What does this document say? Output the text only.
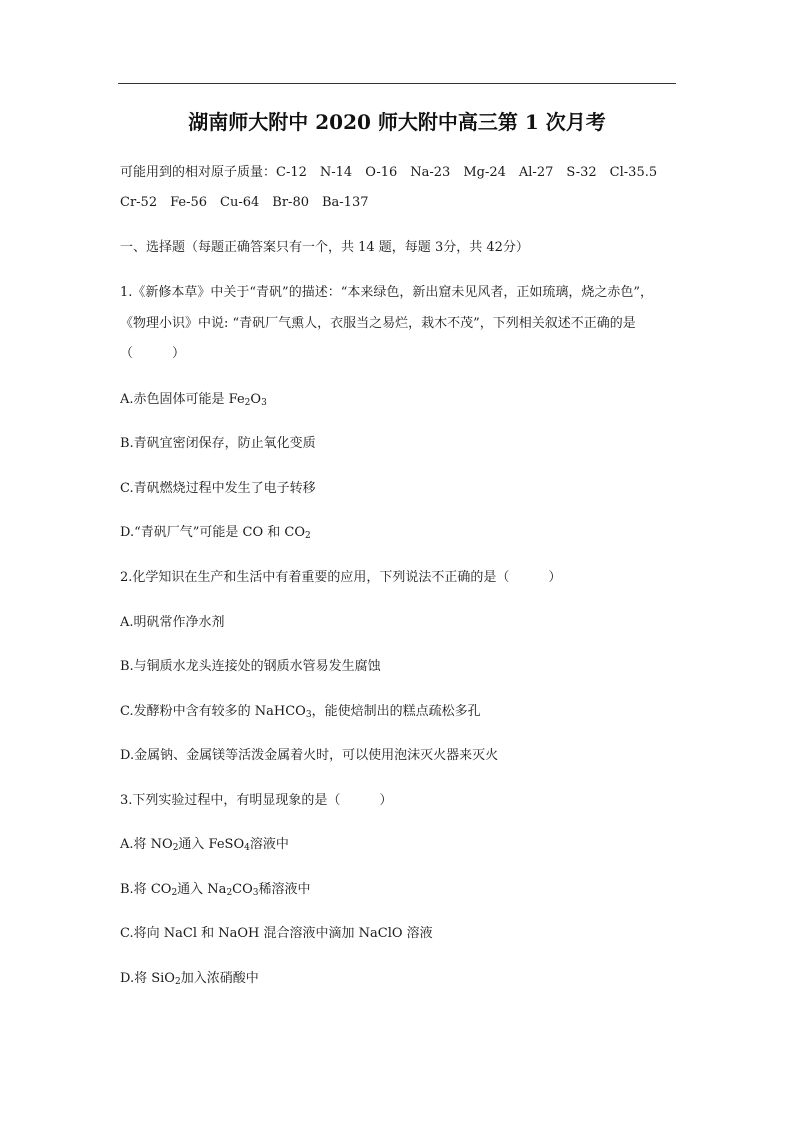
湖南师大附中 2020 师大附中高三第 1 次月考
可能用到的相对原子质量：C-12　N-14　O-16　Na-23　Mg-24　Al-27　S-32　Cl-35.5
Cr-52　Fe-56　Cu-64　Br-80　Ba-137
一、选择题（每题正确答案只有一个，共 14 题，每题 3分，共 42分）
1.《新修本草》中关于“青矾”的描述：“本来绿色，新出窟未见风者，正如琉璃，烧之赤色”，
《物理小识》中说: “青矾厂气熏人，衣服当之易烂，栽木不茂”，下列相关叙述不正确的是
（　　　）
A.赤色固体可能是 $Fe_2O_3$
B.青矾宜密闭保存，防止氧化变质
C.青矾燃烧过程中发生了电子转移
D.“青矾厂气”可能是 CO 和 $CO_2$
2.化学知识在生产和生活中有着重要的应用，下列说法不正确的是（　　　）
A.明矾常作净水剂
B.与铜质水龙头连接处的钢质水管易发生腐蚀
C.发酵粉中含有较多的 NaHCO$_3$，能使焙制出的糕点疏松多孔
D.金属钠、金属镁等活泼金属着火时，可以使用泡沫灭火器来灭火
3.下列实验过程中，有明显现象的是（　　　）
A.将 $NO_2$通入 FeSO$_4$溶液中
B.将 $CO_2$通入 $Na_2CO_3$稀溶液中
C.将向 NaCl 和 NaOH 混合溶液中滴加 NaClO 溶液
D.将 SiO$_2$加入浓硝酸中
